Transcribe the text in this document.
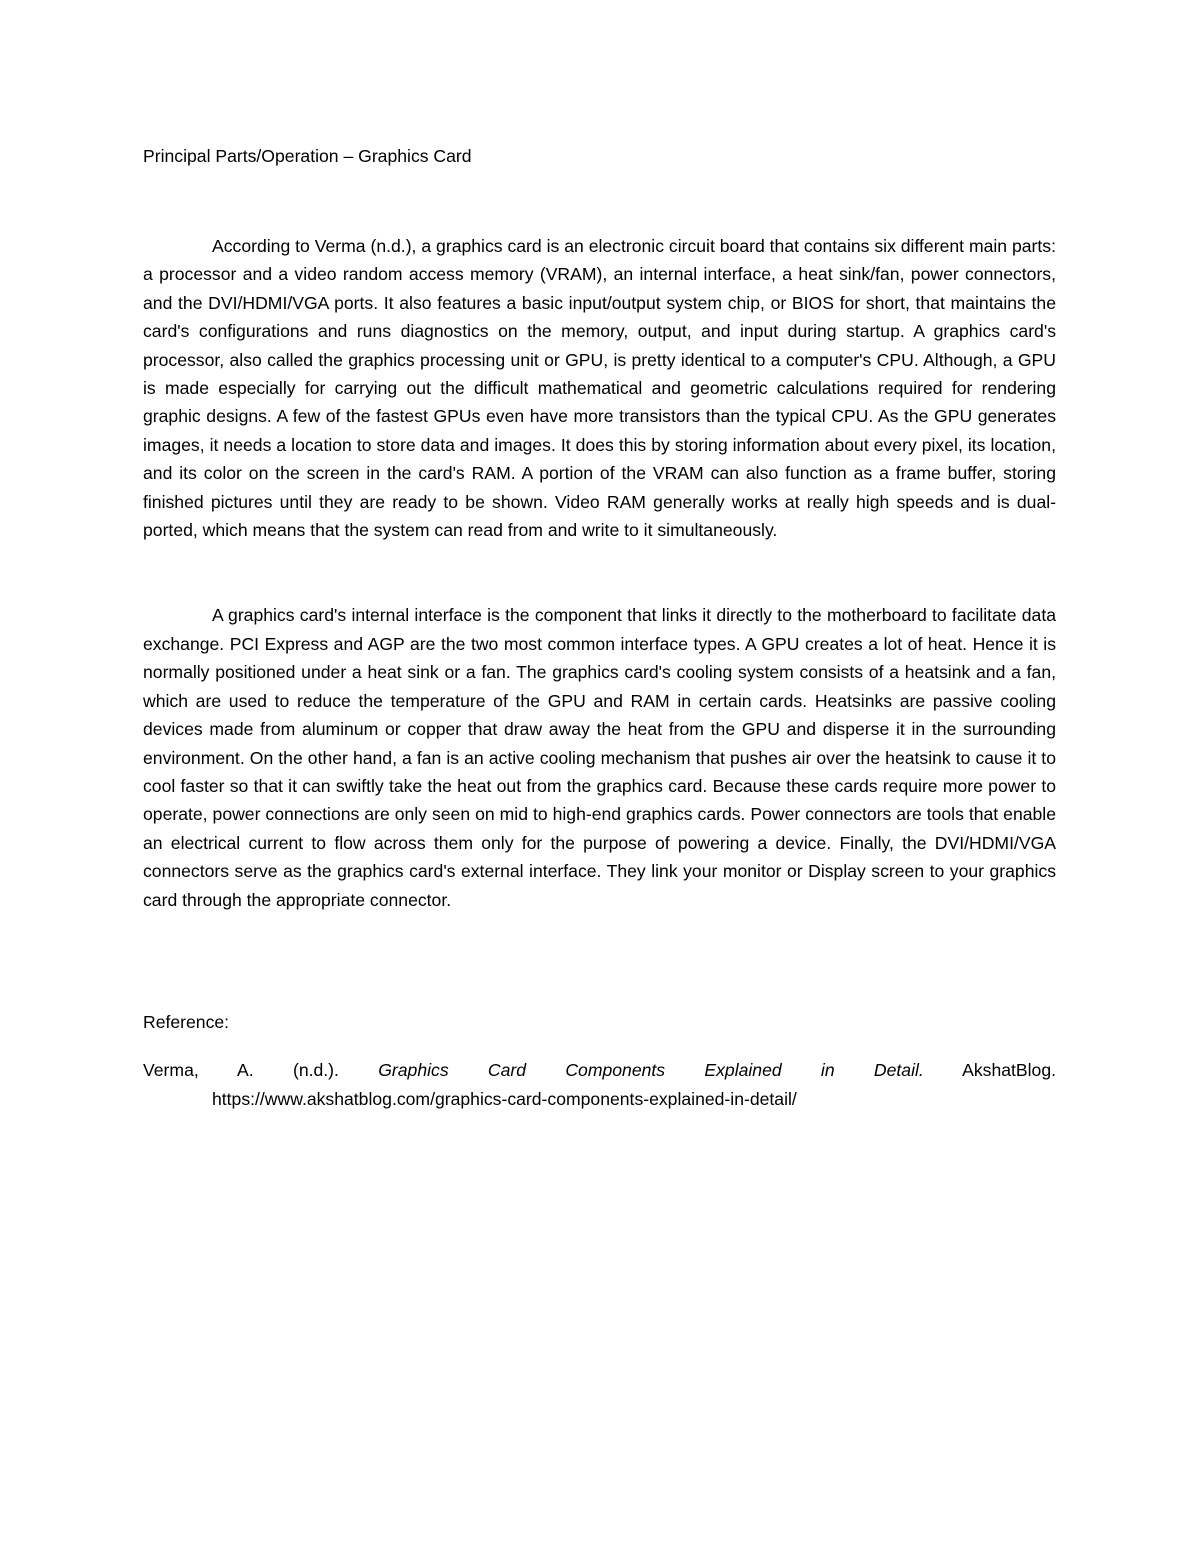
Principal Parts/Operation – Graphics Card

According to Verma (n.d.), a graphics card is an electronic circuit board that contains six different main parts: a processor and a video random access memory (VRAM), an internal interface, a heat sink/fan, power connectors, and the DVI/HDMI/VGA ports. It also features a basic input/output system chip, or BIOS for short, that maintains the card's configurations and runs diagnostics on the memory, output, and input during startup. A graphics card's processor, also called the graphics processing unit or GPU, is pretty identical to a computer's CPU. Although, a GPU is made especially for carrying out the difficult mathematical and geometric calculations required for rendering graphic designs. A few of the fastest GPUs even have more transistors than the typical CPU. As the GPU generates images, it needs a location to store data and images. It does this by storing information about every pixel, its location, and its color on the screen in the card's RAM. A portion of the VRAM can also function as a frame buffer, storing finished pictures until they are ready to be shown. Video RAM generally works at really high speeds and is dual-ported, which means that the system can read from and write to it simultaneously.

A graphics card's internal interface is the component that links it directly to the motherboard to facilitate data exchange. PCI Express and AGP are the two most common interface types. A GPU creates a lot of heat. Hence it is normally positioned under a heat sink or a fan. The graphics card's cooling system consists of a heatsink and a fan, which are used to reduce the temperature of the GPU and RAM in certain cards. Heatsinks are passive cooling devices made from aluminum or copper that draw away the heat from the GPU and disperse it in the surrounding environment. On the other hand, a fan is an active cooling mechanism that pushes air over the heatsink to cause it to cool faster so that it can swiftly take the heat out from the graphics card. Because these cards require more power to operate, power connections are only seen on mid to high-end graphics cards. Power connectors are tools that enable an electrical current to flow across them only for the purpose of powering a device. Finally, the DVI/HDMI/VGA connectors serve as the graphics card's external interface. They link your monitor or Display screen to your graphics card through the appropriate connector.

Reference:

Verma, A. (n.d.). Graphics Card Components Explained in Detail. AkshatBlog.

https://www.akshatblog.com/graphics-card-components-explained-in-detail/
